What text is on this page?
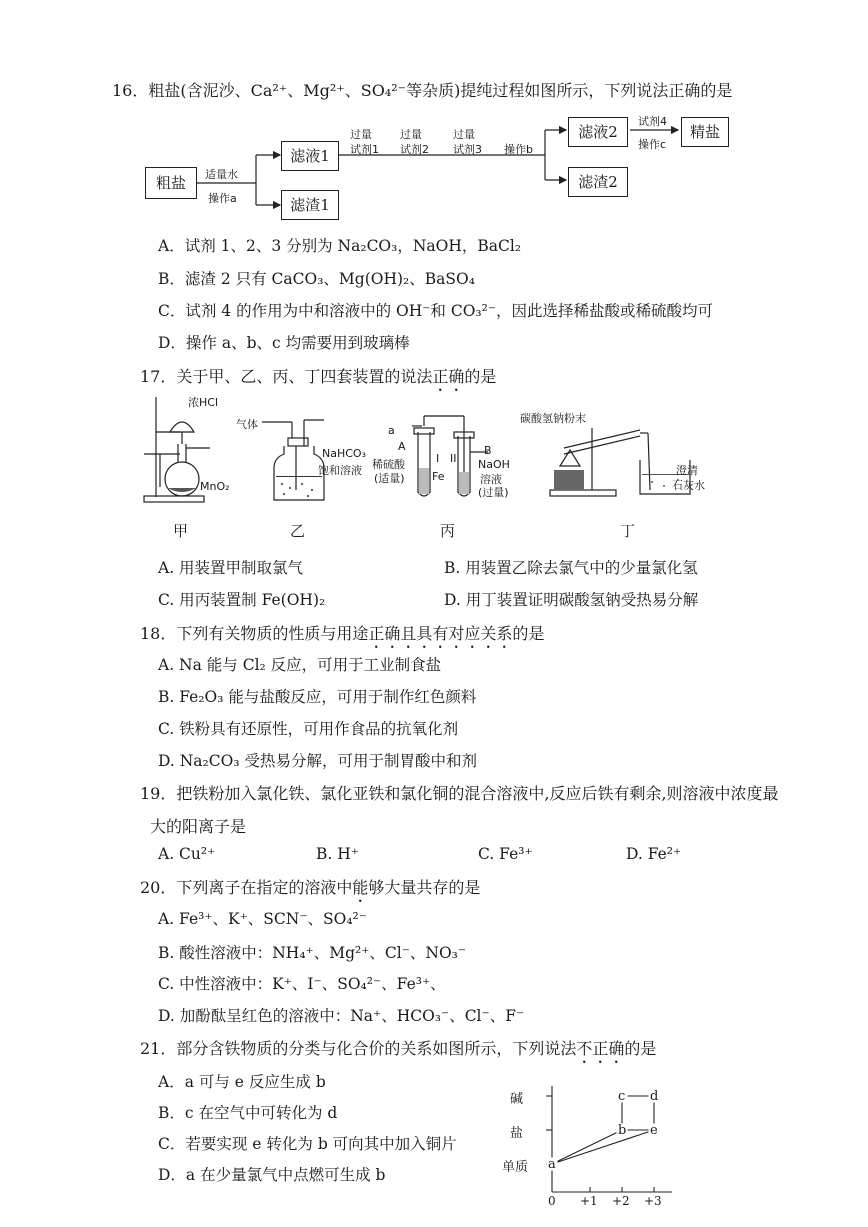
16．粗盐(含泥沙、Ca²⁺、Mg²⁺、SO₄²⁻等杂质)提纯过程如图所示，下列说法正确的是
粗盐	适量水
操作a
滤液1
滤渣1
过量
试剂1
过量
试剂2
过量
试剂3 操作b
滤液2
滤渣2
试剂4
操作c
精盐
A．试剂 1、2、3 分别为 Na₂CO₃，NaOH，BaCl₂
B．滤渣 2 只有 CaCO₃、Mg(OH)₂、BaSO₄
C．试剂 4 的作用为中和溶液中的 OH⁻和 CO₃²⁻，因此选择稀盐酸或稀硫酸均可
D．操作 a、b、c 均需要用到玻璃棒
17．关于甲、乙、丙、丁四套装置的说法正确的是
浓HCl
MnO₂
气体
NaHCO₃
饱和溶液
a
A
I II
B
稀硫酸
(适量) Fe
NaOH
溶液
(过量)
碳酸氢钠粉末
澄清
石灰水
甲	乙	丙	丁
A. 用装置甲制取氯气	B. 用装置乙除去氯气中的少量氯化氢
C. 用丙装置制 Fe(OH)₂	D. 用丁装置证明碳酸氢钠受热易分解
18．下列有关物质的性质与用途正确且具有对应关系的是
A. Na 能与 Cl₂ 反应，可用于工业制食盐
B. Fe₂O₃ 能与盐酸反应，可用于制作红色颜料
C. 铁粉具有还原性，可用作食品的抗氧化剂
D. Na₂CO₃ 受热易分解，可用于制胃酸中和剂
19．把铁粉加入氯化铁、氯化亚铁和氯化铜的混合溶液中,反应后铁有剩余,则溶液中浓度最
大的阳离子是
A. Cu²⁺	B. H⁺	C. Fe³⁺	D. Fe²⁺
20．下列离子在指定的溶液中能够大量共存的是
A. Fe³⁺、K⁺、SCN⁻、SO₄²⁻
B. 酸性溶液中：NH₄⁺、Mg²⁺、Cl⁻、NO₃⁻
C. 中性溶液中：K⁺、I⁻、SO₄²⁻、Fe³⁺、
D. 加酚酞呈红色的溶液中：Na⁺、HCO₃⁻、Cl⁻、F⁻
21．部分含铁物质的分类与化合价的关系如图所示，下列说法不正确的是
A．a 可与 e 反应生成 b
B．c 在空气中可转化为 d
C．若要实现 e 转化为 b 可向其中加入铜片
D．a 在少量氯气中点燃可生成 b
碱
盐
单质
0 +1 +2 +3
a
b
c d
e
